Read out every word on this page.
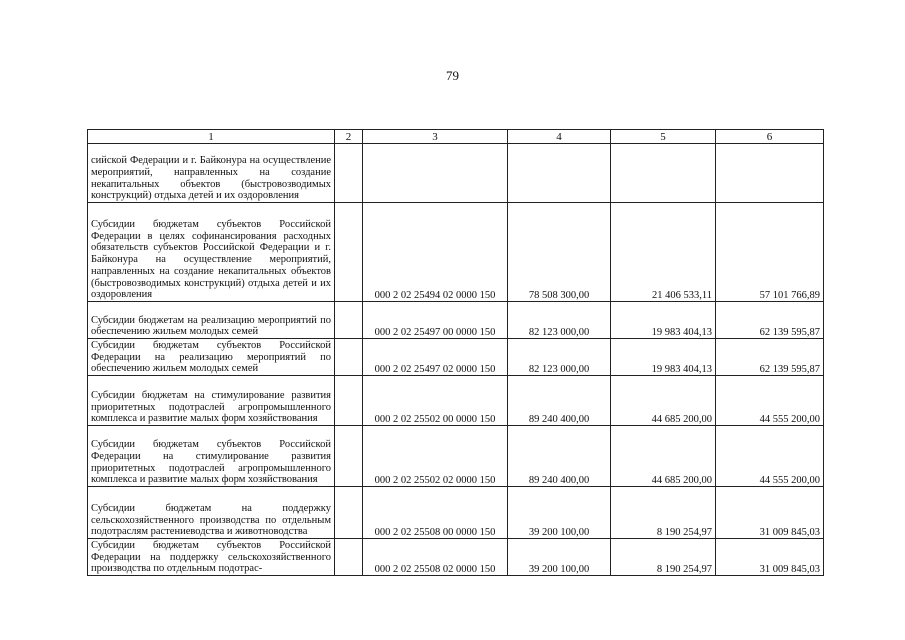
79
1	2	3	4	5	6
сийской Федерации и г. Байконура на осуществление мероприятий, направленных на создание некапитальных объектов (быстровозводимых конструкций) отдыха детей и их оздоровления					
Субсидии бюджетам субъектов Российской Федерации в целях софинансирования расходных обязательств субъектов Российской Федерации и г. Байконура на осуществление мероприятий, направленных на создание некапитальных объектов (быстровозводимых конструкций) отдыха детей и их оздоровления		000 2 02 25494 02 0000 150	78 508 300,00	21 406 533,11	57 101 766,89
Субсидии бюджетам на реализацию мероприятий по обеспечению жильем молодых семей		000 2 02 25497 00 0000 150	82 123 000,00	19 983 404,13	62 139 595,87
Субсидии бюджетам субъектов Российской Федерации на реализацию мероприятий по обеспечению жильем молодых семей		000 2 02 25497 02 0000 150	82 123 000,00	19 983 404,13	62 139 595,87
Субсидии бюджетам на стимулирование развития приоритетных подотраслей агропромышленного комплекса и развитие малых форм хозяйствования		000 2 02 25502 00 0000 150	89 240 400,00	44 685 200,00	44 555 200,00
Субсидии бюджетам субъектов Российской Федерации на стимулирование развития приоритетных подотраслей агропромышленного комплекса и развитие малых форм хозяйствования		000 2 02 25502 02 0000 150	89 240 400,00	44 685 200,00	44 555 200,00
Субсидии бюджетам на поддержку сельскохозяйственного производства по отдельным подотраслям растениеводства и животноводства		000 2 02 25508 00 0000 150	39 200 100,00	8 190 254,97	31 009 845,03
Субсидии бюджетам субъектов Российской Федерации на поддержку сельскохозяйственного производства по отдельным подотрас-		000 2 02 25508 02 0000 150	39 200 100,00	8 190 254,97	31 009 845,03
